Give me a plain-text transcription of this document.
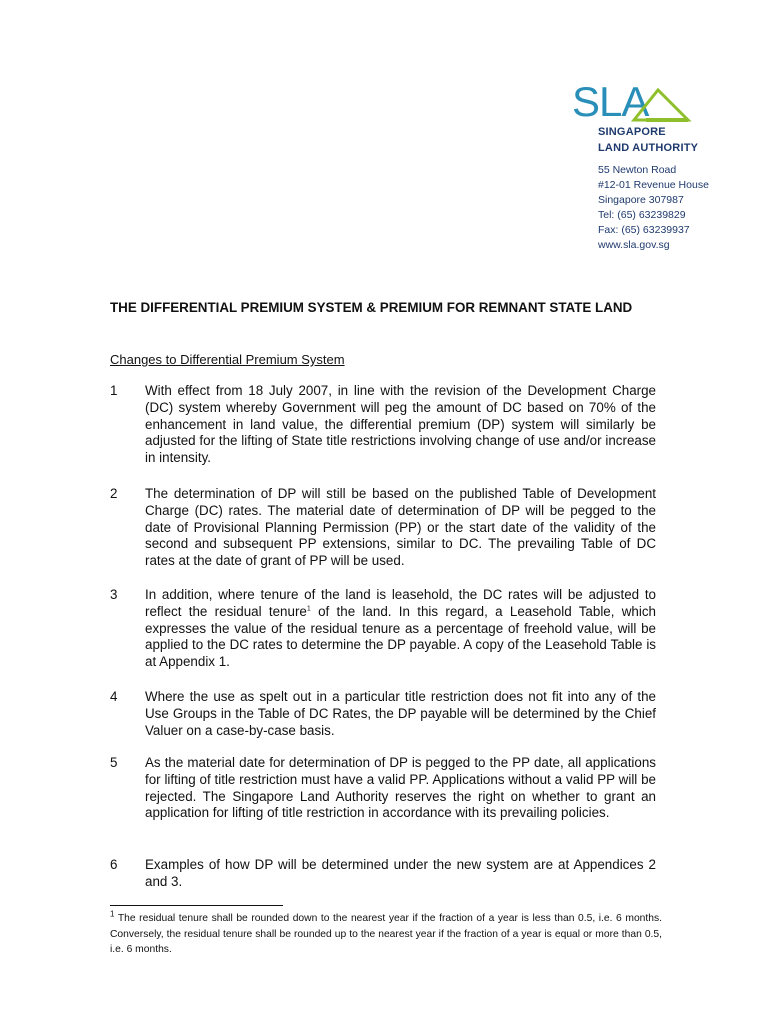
SLA
SINGAPORE
LAND AUTHORITY
55 Newton Road
#12-01 Revenue House
Singapore 307987
Tel: (65) 63239829
Fax: (65) 63239937
www.sla.gov.sg
THE DIFFERENTIAL PREMIUM SYSTEM & PREMIUM FOR REMNANT STATE LAND
Changes to Differential Premium System
1	With effect from 18 July 2007, in line with the revision of the Development Charge (DC) system whereby Government will peg the amount of DC based on 70% of the enhancement in land value, the differential premium (DP) system will similarly be adjusted for the lifting of State title restrictions involving change of use and/or increase in intensity.
2	The determination of DP will still be based on the published Table of Development Charge (DC) rates. The material date of determination of DP will be pegged to the date of Provisional Planning Permission (PP) or the start date of the validity of the second and subsequent PP extensions, similar to DC. The prevailing Table of DC rates at the date of grant of PP will be used.
3	In addition, where tenure of the land is leasehold, the DC rates will be adjusted to reflect the residual tenure$^1$ of the land. In this regard, a Leasehold Table, which expresses the value of the residual tenure as a percentage of freehold value, will be applied to the DC rates to determine the DP payable. A copy of the Leasehold Table is at Appendix 1.
4	Where the use as spelt out in a particular title restriction does not fit into any of the Use Groups in the Table of DC Rates, the DP payable will be determined by the Chief Valuer on a case-by-case basis.
5	As the material date for determination of DP is pegged to the PP date, all applications for lifting of title restriction must have a valid PP. Applications without a valid PP will be rejected. The Singapore Land Authority reserves the right on whether to grant an application for lifting of title restriction in accordance with its prevailing policies.
6	Examples of how DP will be determined under the new system are at Appendices 2 and 3.
$^1$ The residual tenure shall be rounded down to the nearest year if the fraction of a year is less than 0.5, i.e. 6 months. Conversely, the residual tenure shall be rounded up to the nearest year if the fraction of a year is equal or more than 0.5, i.e. 6 months.
